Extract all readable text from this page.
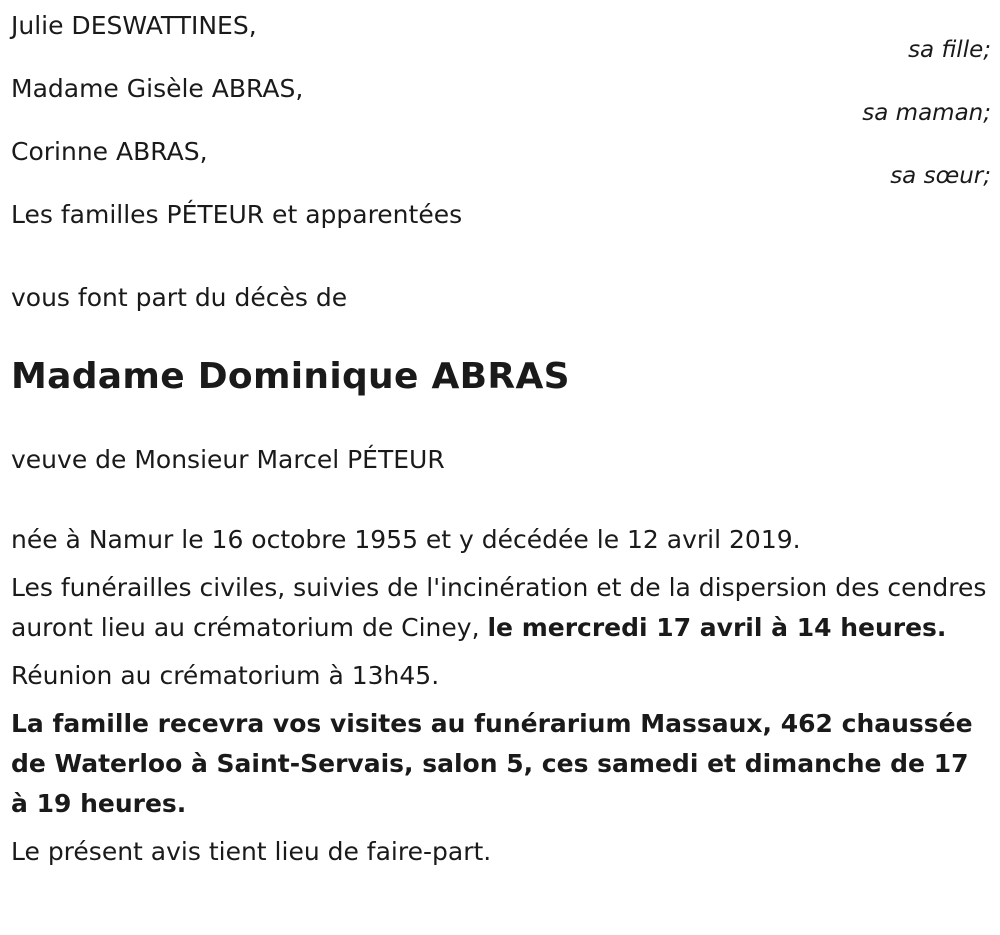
Julie DESWATTINES,
sa fille;
Madame Gisèle ABRAS,
sa maman;
Corinne ABRAS,
sa sœur;
Les familles PÉTEUR et apparentées
vous font part du décès de
Madame Dominique ABRAS
veuve de Monsieur Marcel PÉTEUR
née à Namur le 16 octobre 1955 et y décédée le 12 avril 2019.
Les funérailles civiles, suivies de l'incinération et de la dispersion des cendres auront lieu au crématorium de Ciney, le mercredi 17 avril à 14 heures.
Réunion au crématorium à 13h45.
La famille recevra vos visites au funérarium Massaux, 462 chaussée de Waterloo à Saint-Servais, salon 5, ces samedi et dimanche de 17 à 19 heures.
Le présent avis tient lieu de faire-part.
